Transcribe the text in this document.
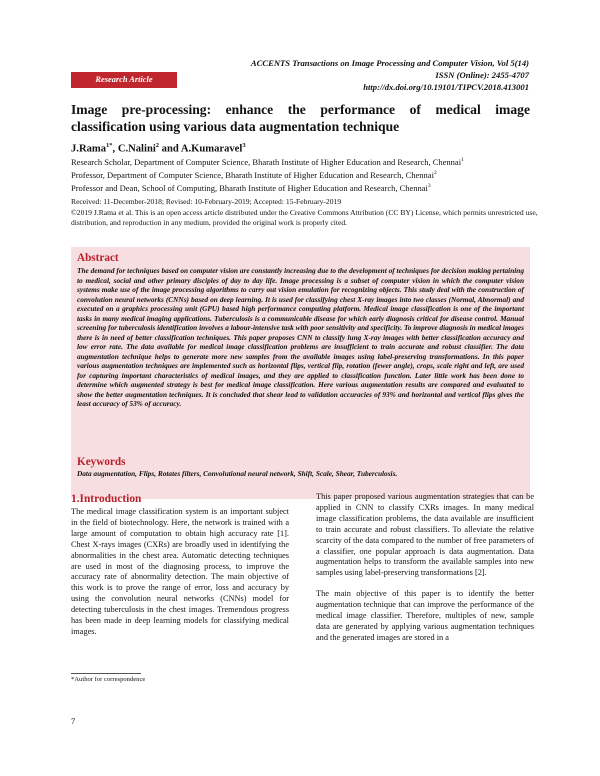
ACCENTS Transactions on Image Processing and Computer Vision, Vol 5(14)
ISSN (Online): 2455-4707
http://dx.doi.org/10.19101/TIPCV.2018.413001
Research Article
Image pre-processing: enhance the performance of medical image classification using various data augmentation technique
J.Rama$^{1*}$, C.Nalini$^2$ and A.Kumaravel$^3$
Research Scholar, Department of Computer Science, Bharath Institute of Higher Education and Research, Chennai$^1$
Professor, Department of Computer Science, Bharath Institute of Higher Education and Research, Chennai$^2$
Professor and Dean, School of Computing, Bharath Institute of Higher Education and Research, Chennai$^3$
Received: 11-December-2018; Revised: 10-February-2019; Accepted: 15-February-2019
©2019 J.Rama et al. This is an open access article distributed under the Creative Commons Attribution (CC BY) License, which permits unrestricted use, distribution, and reproduction in any medium, provided the original work is properly cited.
Abstract
The demand for techniques based on computer vision are constantly increasing due to the development of techniques for decision making pertaining to medical, social and other primary disciples of day to day life. Image processing is a subset of computer vision in which the computer vision systems make use of the image processing algorithms to carry out vision emulation for recognizing objects. This study deal with the construction of convolution neural networks (CNNs) based on deep learning. It is used for classifying chest X-ray images into two classes (Normal, Abnormal) and executed on a graphics processing unit (GPU) based high performance computing platform. Medical image classification is one of the important tasks in many medical imaging applications. Tuberculosis is a communicable disease for which early diagnosis critical for disease control. Manual screening for tuberculosis identification involves a labour-intensive task with poor sensitivity and specificity. To improve diagnosis in medical images there is in need of better classification techniques. This paper proposes CNN to classify lung X-ray images with better classification accuracy and low error rate. The data available for medical image classification problems are insufficient to train accurate and robust classifier. The data augmentation technique helps to generate more new samples from the available images using label-preserving transformations. In this paper various augmentation techniques are implemented such as horizontal flips, vertical flip, rotation (fewer angle), crops, scale right and left, are used for capturing important characteristics of medical images, and they are applied to classification function. Later little work has been done to determine which augmented strategy is best for medical image classification. Here various augmentation results are compared and evaluated to show the better augmentation techniques. It is concluded that shear lead to validation accuracies of 93% and horizontal and vertical flips gives the least accuracy of 53% of accuracy.
Keywords
Data augmentation, Flips, Rotates filters, Convolutional neural network, Shift, Scale, Shear, Tuberculosis.
1.Introduction

The medical image classification system is an important subject in the field of biotechnology. Here, the network is trained with a large amount of computation to obtain high accuracy rate [1]. Chest X-rays images (CXRs) are broadly used in identifying the abnormalities in the chest area. Automatic detecting techniques are used in most of the diagnosing process, to improve the accuracy rate of abnormality detection. The main objective of this work is to prove the range of error, loss and accuracy by using the convolution neural networks (CNNs) model for detecting tuberculosis in the chest images. Tremendous progress has been made in deep learning models for classifying medical images.

This paper proposed various augmentation strategies that can be applied in CNN to classify CXRs images. In many medical image classification problems, the data available are insufficient to train accurate and robust classifiers. To alleviate the relative scarcity of the data compared to the number of free parameters of a classifier, one popular approach is data augmentation. Data augmentation helps to transform the available samples into new samples using label-preserving transformations [2].

The main objective of this paper is to identify the better augmentation technique that can improve the performance of the medical image classifier. Therefore, multiples of new, sample data are generated by applying various augmentation techniques and the generated images are stored in a

*Author for correspondence
7
